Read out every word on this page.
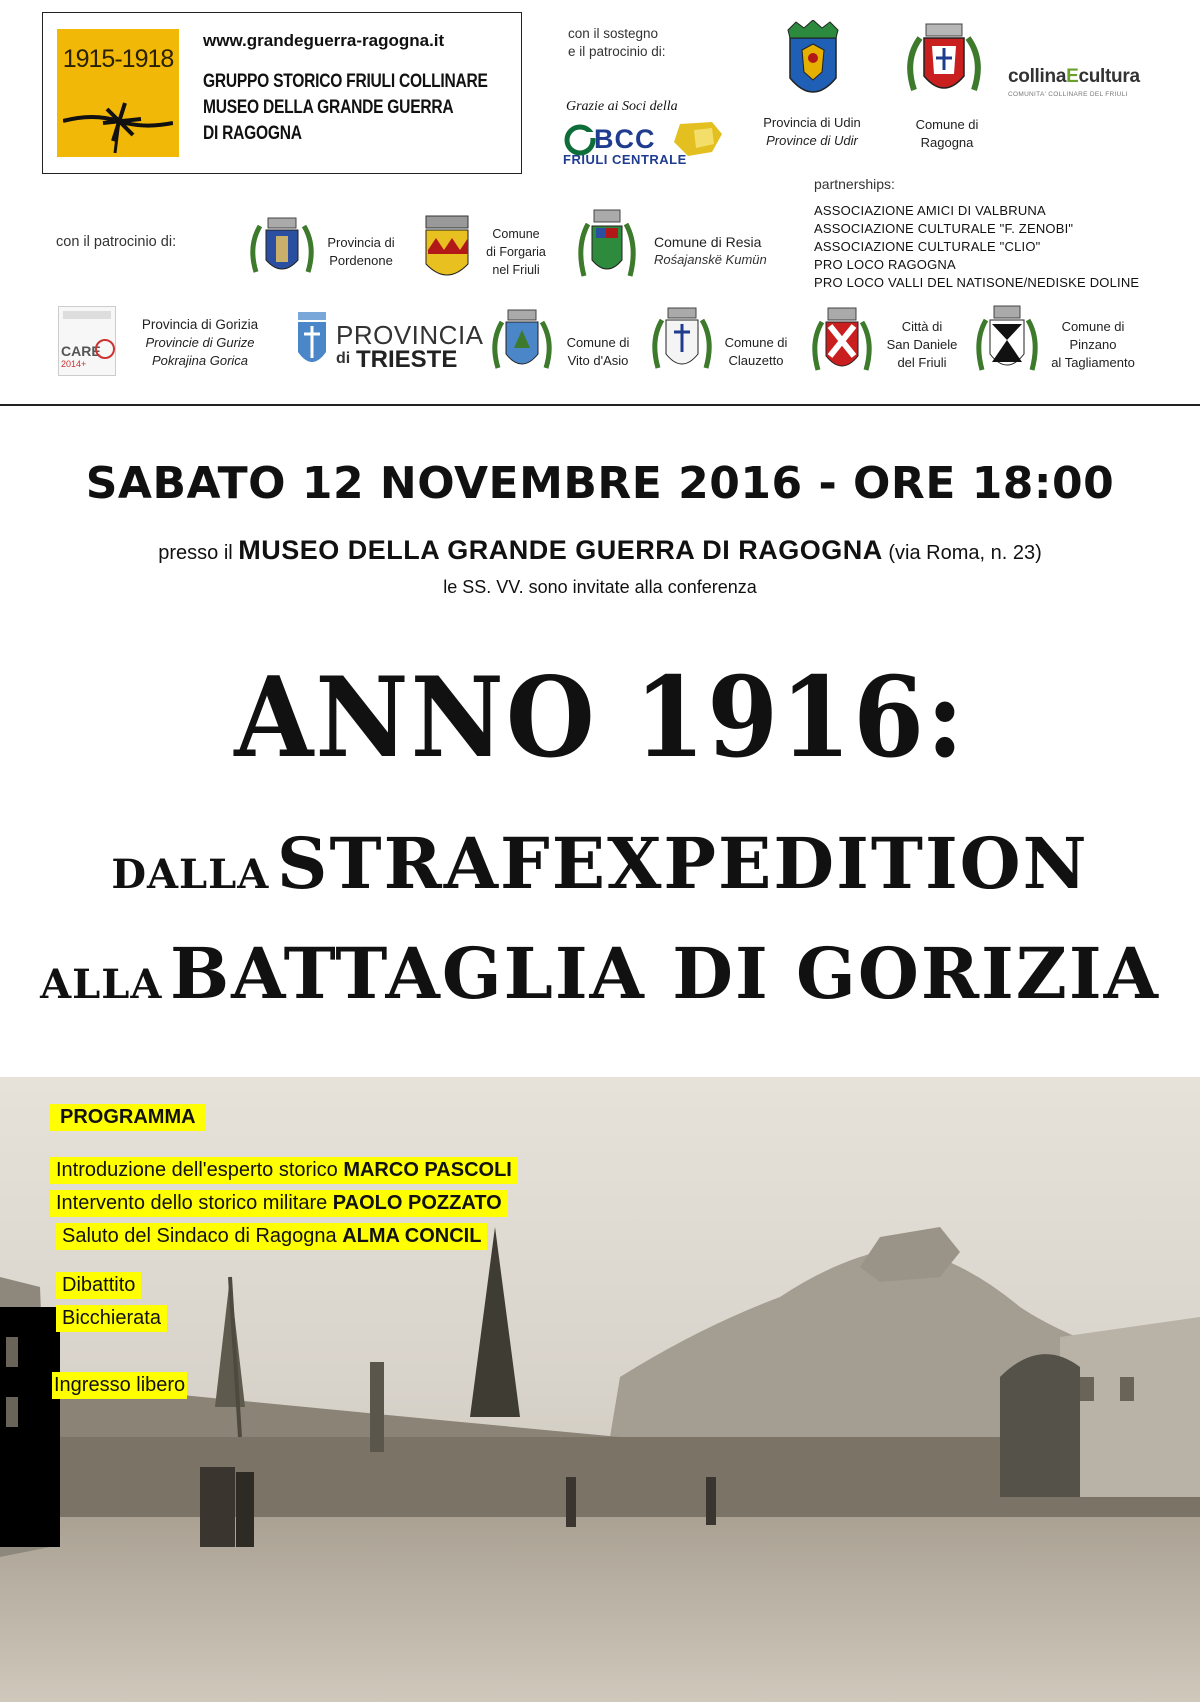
1915-1918
www.grandeguerra-ragogna.it
GRUPPO STORICO FRIULI COLLINARE
MUSEO DELLA GRANDE GUERRA
DI RAGOGNA
con il sostegno
e il patrocinio di:
Grazie ai Soci della
BCC
FRIULI CENTRALE
Provincia di Udin
Province di Udir
Comune di
Ragogna
collinaEcultura
COMUNITA' COLLINARE DEL FRIULI
partnerships:
ASSOCIAZIONE AMICI DI VALBRUNA
ASSOCIAZIONE CULTURALE "F. ZENOBI"
ASSOCIAZIONE CULTURALE "CLIO"
PRO LOCO RAGOGNA
PRO LOCO VALLI DEL NATISONE/NEDISKE DOLINE
con il patrocinio di:	Provincia di
Pordenone
Comune
di Forgaria
nel Friuli
Comune di Resia
Rośajanskë Kumün
CARE
2014+
Provincia di Gorizia
Provincie di Gurize
Pokrajina Gorica
PROVINCIA
di TRIESTE
Comune di
Vito d'Asio
Comune di
Clauzetto
Città di
San Daniele
del Friuli
Comune di
Pinzano
al Tagliamento
SABATO 12 NOVEMBRE 2016 - ORE 18:00
presso il MUSEO DELLA GRANDE GUERRA DI RAGOGNA (via Roma, n. 23)
le SS. VV. sono invitate alla conferenza
ANNO 1916:
DALLA STRAFEXPEDITION
ALLA BATTAGLIA DI GORIZIA
PROGRAMMA
Introduzione dell'esperto storico MARCO PASCOLI
Intervento dello storico militare PAOLO POZZATO
Saluto del Sindaco di Ragogna ALMA CONCIL
Dibattito
Bicchierata
Ingresso libero
